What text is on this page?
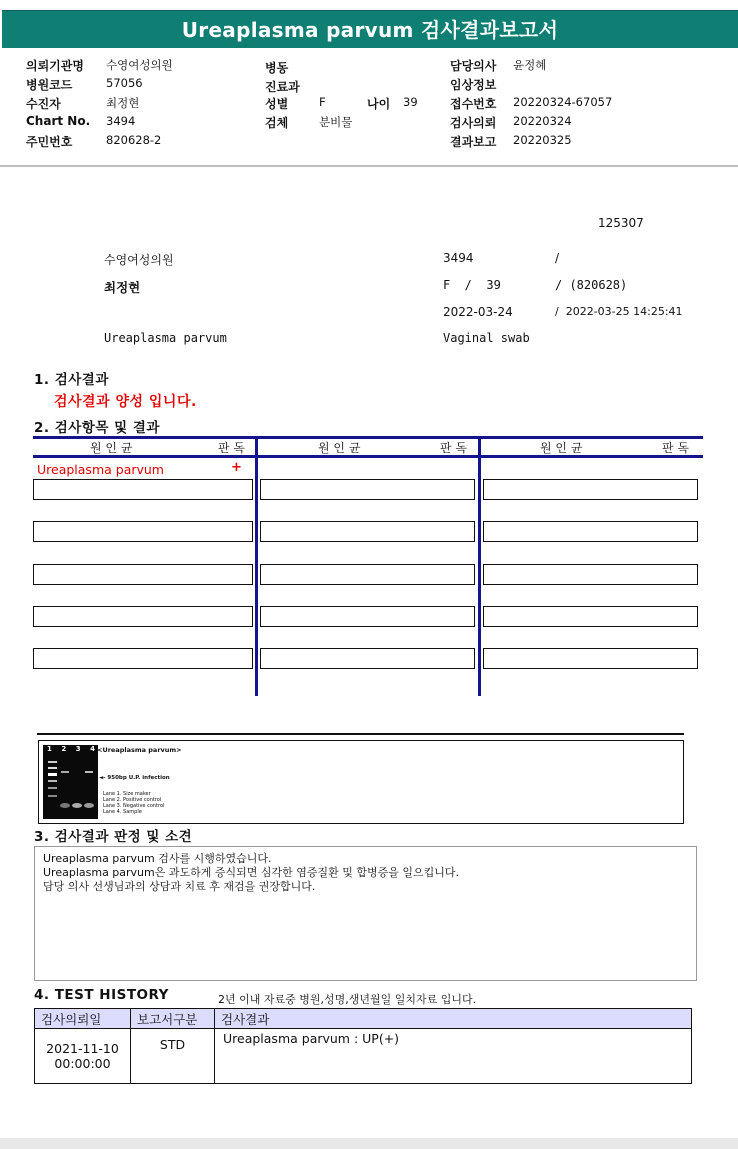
Ureaplasma parvum 검사결과보고서
의뢰기관명	수영여성의원
병원코드	57056
수진자	최정현
Chart No.	3494
주민번호	820628-2
병동
진료과
성별	F	나이 39
검체	분비물
담당의사	윤정혜
임상정보
접수번호	20220324-67057
검사의뢰	20220324
결과보고	20220325
125307
수영여성의원	3494	/
최정현	F  /  39	/ (820628)
2022-03-24	/  2022-03-25 14:25:41
Ureaplasma parvum	Vaginal swab
1. 검사결과
검사결과 양성 입니다.
2. 검사항목 및 결과
원 인 균	판 독	원 인 균	판 독	원 인 균	판 독
Ureaplasma parvum	+
1 2 3 4 <Ureaplasma parvum>
◄- 950bp U.P. infection
Lane 1. Size maker
Lane 2. Positive control
Lane 3. Negative control
Lane 4. Sample
3. 검사결과 판정 및 소견
Ureaplasma parvum 검사를 시행하였습니다.
Ureaplasma parvum은 과도하게 증식되면 심각한 염증질환 및 합병증을 일으킵니다.
담당 의사 선생님과의 상담과 치료 후 재검을 권장합니다.
4. TEST HISTORY	2년 이내 자료중 병원,성명,생년월일 일치자료 입니다.
검사의뢰일	보고서구분	검사결과

2021-11-10
00:00:00	STD	Ureaplasma parvum : UP(+)
